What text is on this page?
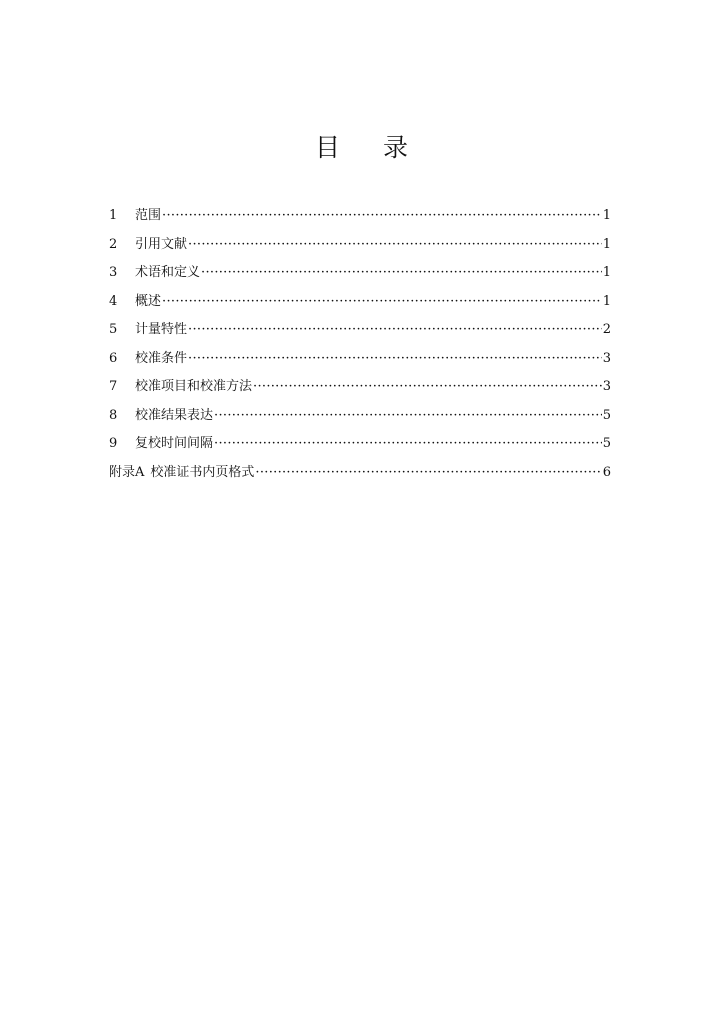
目 录
1	范围 ·····	1
2	引用文献 ·····	1
3	术语和定义 ·····	1
4	概述 ·····	1
5	计量特性 ·····	2
6	校准条件 ·····	3
7	校准项目和校准方法 ·····	3
8	校准结果表达 ·····	5
9	复校时间间隔 ·····	5
附录A 校准证书内页格式 ·····	6
